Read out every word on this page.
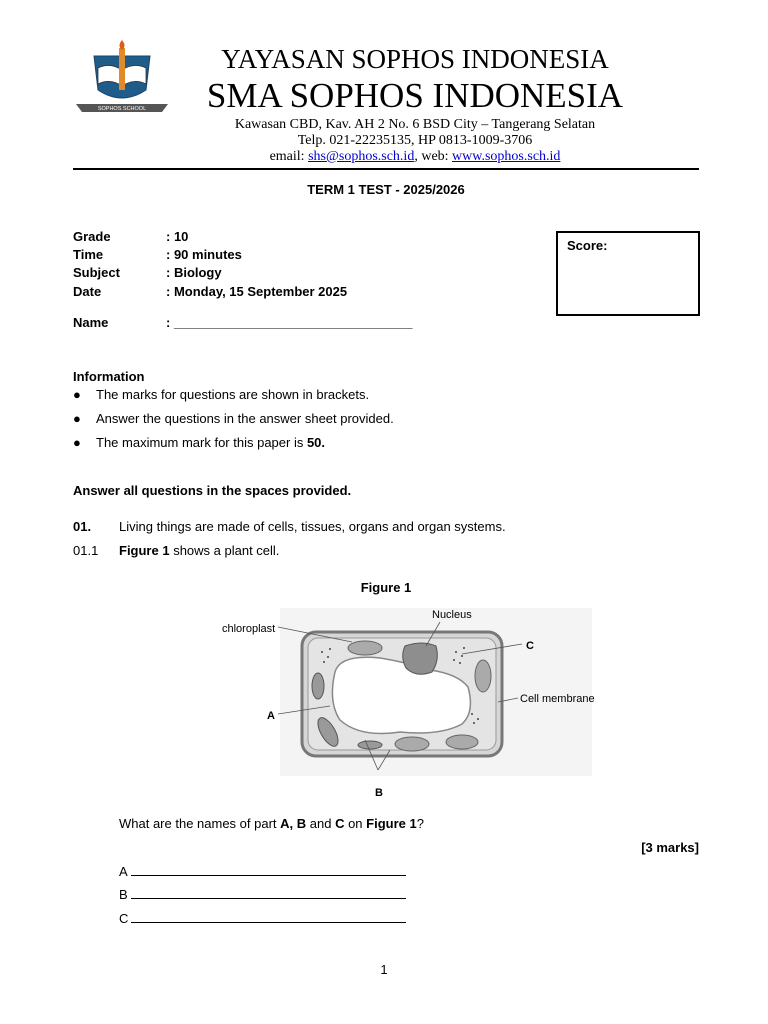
SOPHOS SCHOOL
YAYASAN SOPHOS INDONESIA
SMA SOPHOS INDONESIA
Kawasan CBD, Kav. AH 2 No. 6 BSD City – Tangerang Selatan
Telp. 021-22235135, HP 0813-1009-3706
email: shs@sophos.sch.id, web: www.sophos.sch.id
TERM 1 TEST - 2025/2026
Grade	: 10
Time	: 90 minutes
Subject	: Biology
Date	: Monday, 15 September 2025
Name	: _________________________________
Score:
Information
● The marks for questions are shown in brackets.
● Answer the questions in the answer sheet provided.
● The maximum mark for this paper is 50.
Answer all questions in the spaces provided.
01. Living things are made of cells, tissues, organs and organ systems.
01.1 Figure 1 shows a plant cell.
Figure 1
chloroplast
Nucleus
C
Cell membrane
A
B
What are the names of part A, B and C on Figure 1?
[3 marks]
A
B
C
1
